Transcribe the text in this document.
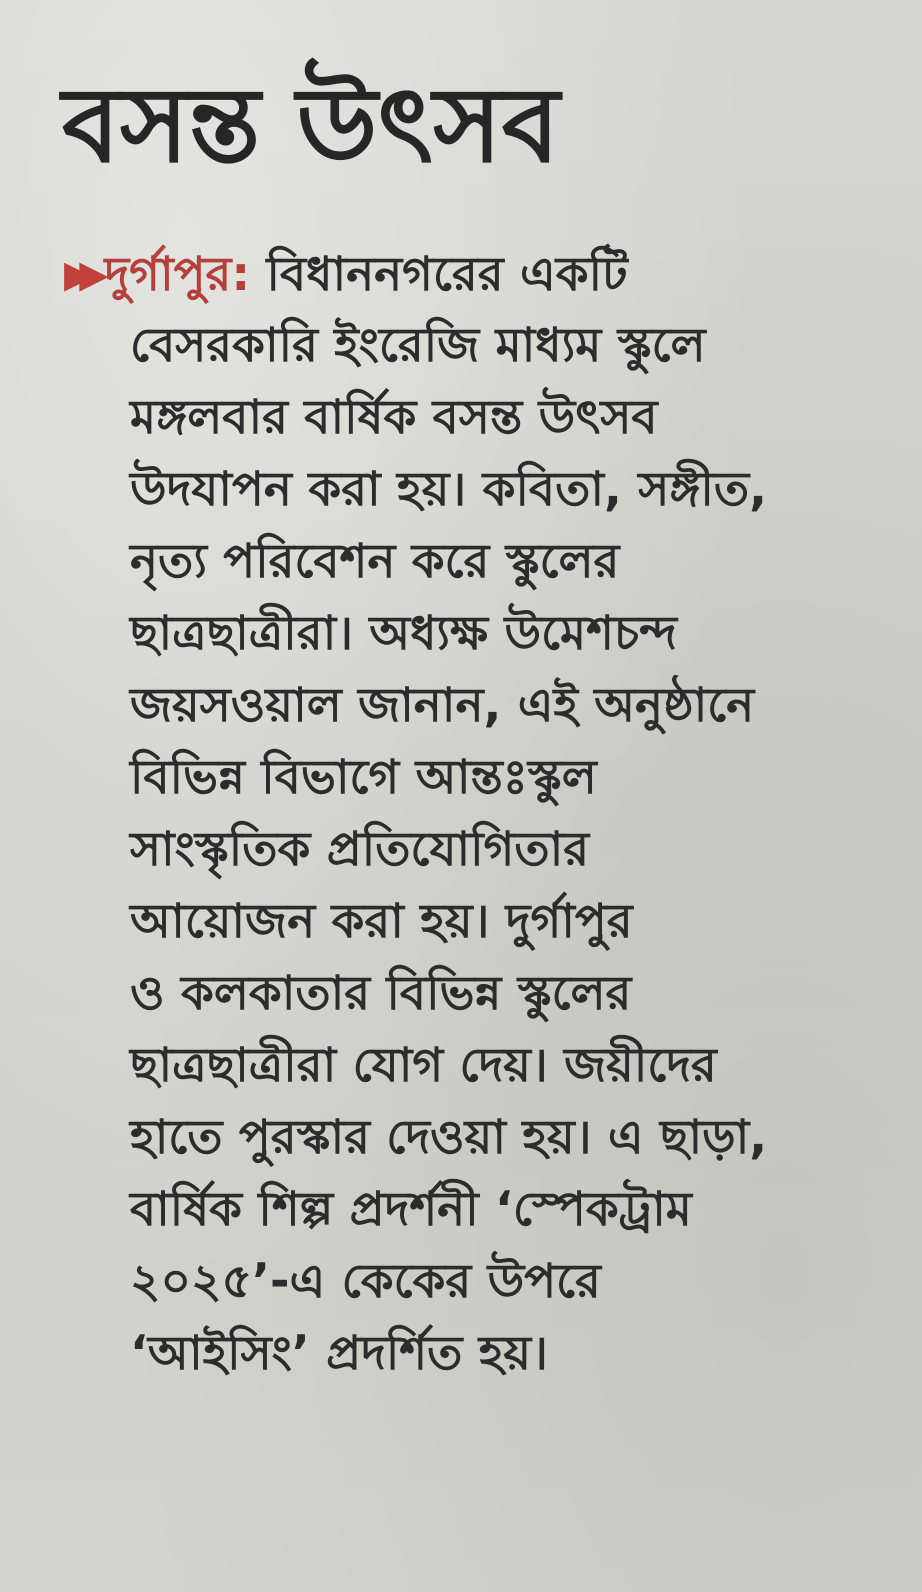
বসন্ত উৎসব
▶▶ দুর্গাপুর: বিধাননগরের একটি
বেসরকারি ইংরেজি মাধ্যম স্কুলে
মঙ্গলবার বার্ষিক বসন্ত উৎসব
উদযাপন করা হয়। কবিতা, সঙ্গীত,
নৃত্য পরিবেশন করে স্কুলের
ছাত্রছাত্রীরা। অধ্যক্ষ উমেশচন্দ
জয়সওয়াল জানান, এই অনুষ্ঠানে
বিভিন্ন বিভাগে আন্তঃস্কুল
সাংস্কৃতিক প্রতিযোগিতার
আয়োজন করা হয়। দুর্গাপুর
ও কলকাতার বিভিন্ন স্কুলের
ছাত্রছাত্রীরা যোগ দেয়। জয়ীদের
হাতে পুরস্কার দেওয়া হয়। এ ছাড়া,
বার্ষিক শিল্প প্রদর্শনী ‘স্পেকট্রাম
২০২৫’-এ কেকের উপরে
‘আইসিং’ প্রদর্শিত হয়।
